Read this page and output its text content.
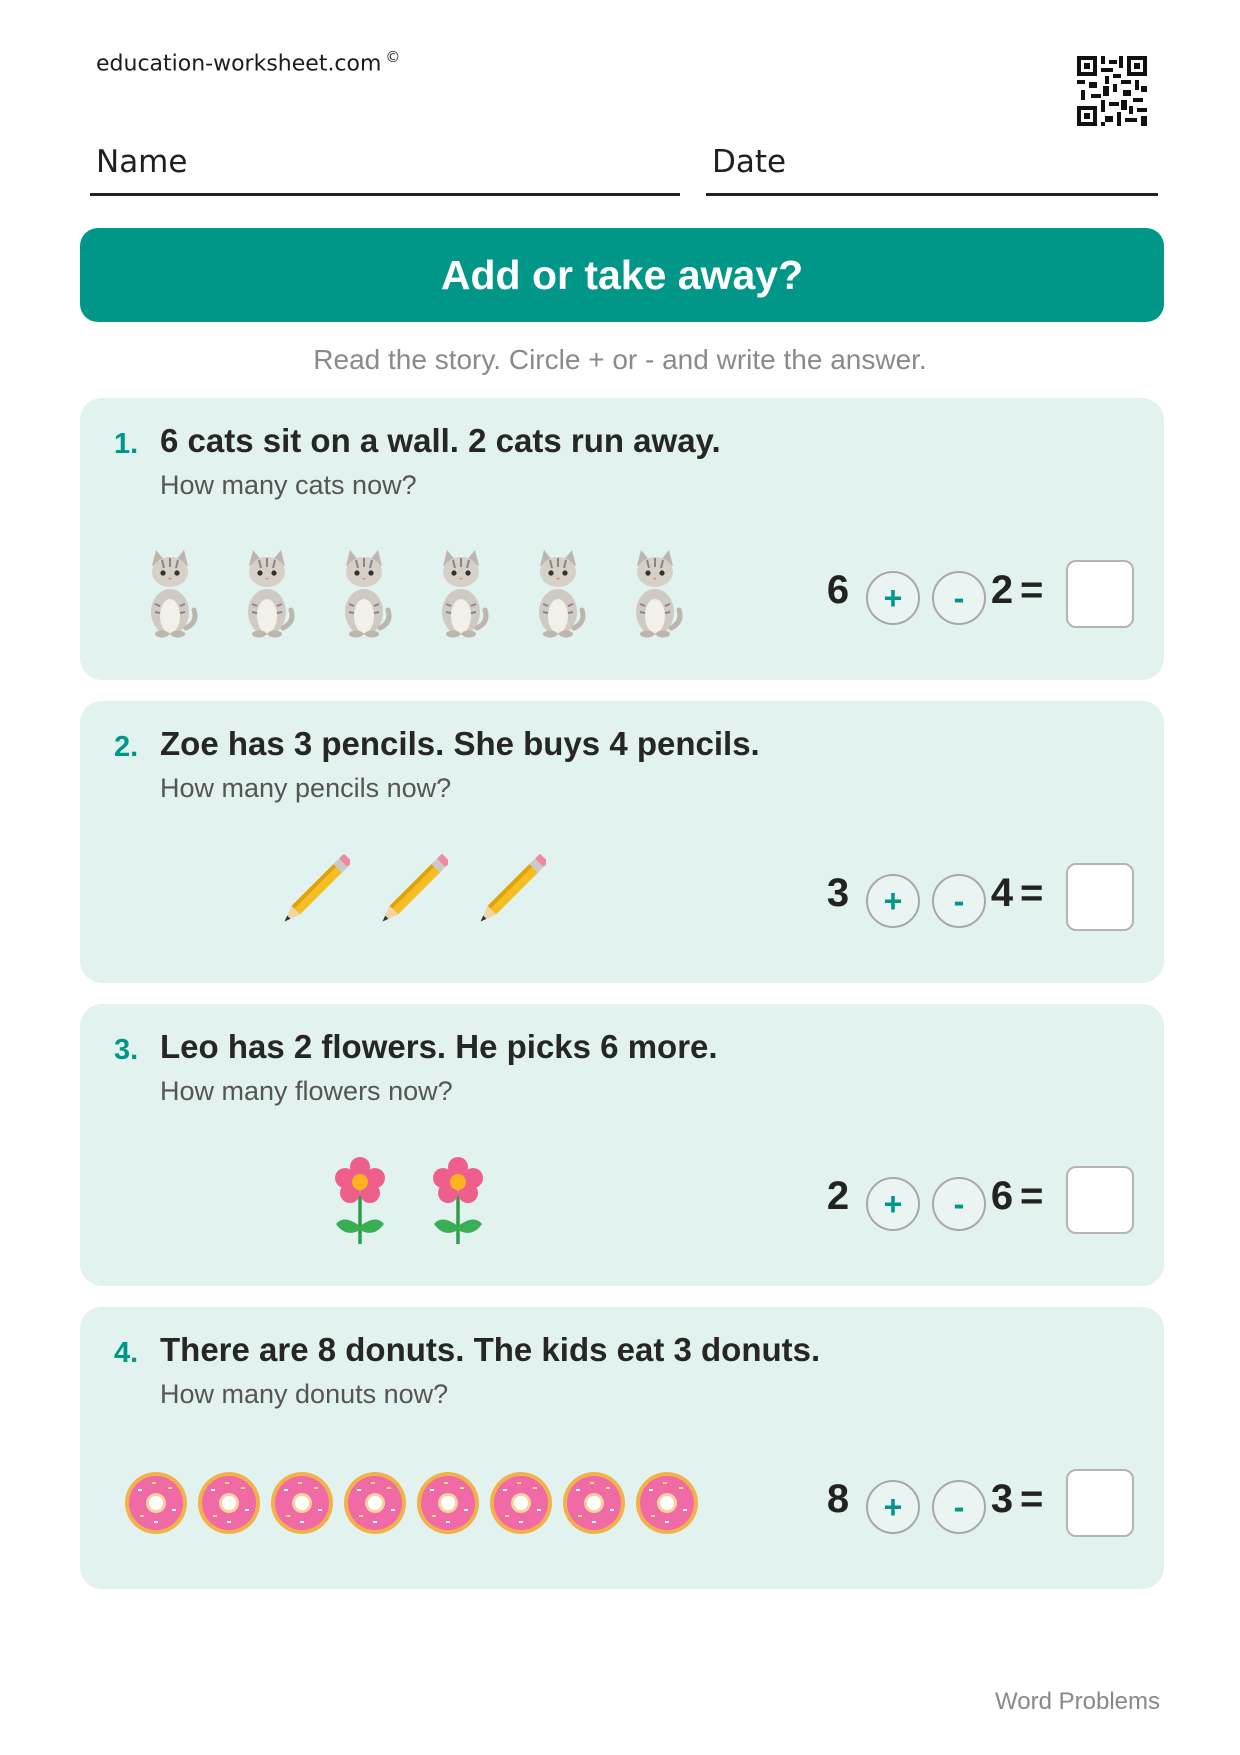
education-worksheet.com ©
Name	Date
Add or take away?
Read the story. Circle + or - and write the answer.
1. 6 cats sit on a wall. 2 cats run away.
How many cats now?
6	+	- 2 =
2. Zoe has 3 pencils. She buys 4 pencils.
How many pencils now?
3	+	- 4 =
3. Leo has 2 flowers. He picks 6 more.
How many flowers now?
2	+	- 6 =
4. There are 8 donuts. The kids eat 3 donuts.
How many donuts now?
8	+	- 3 =
Word Problems
